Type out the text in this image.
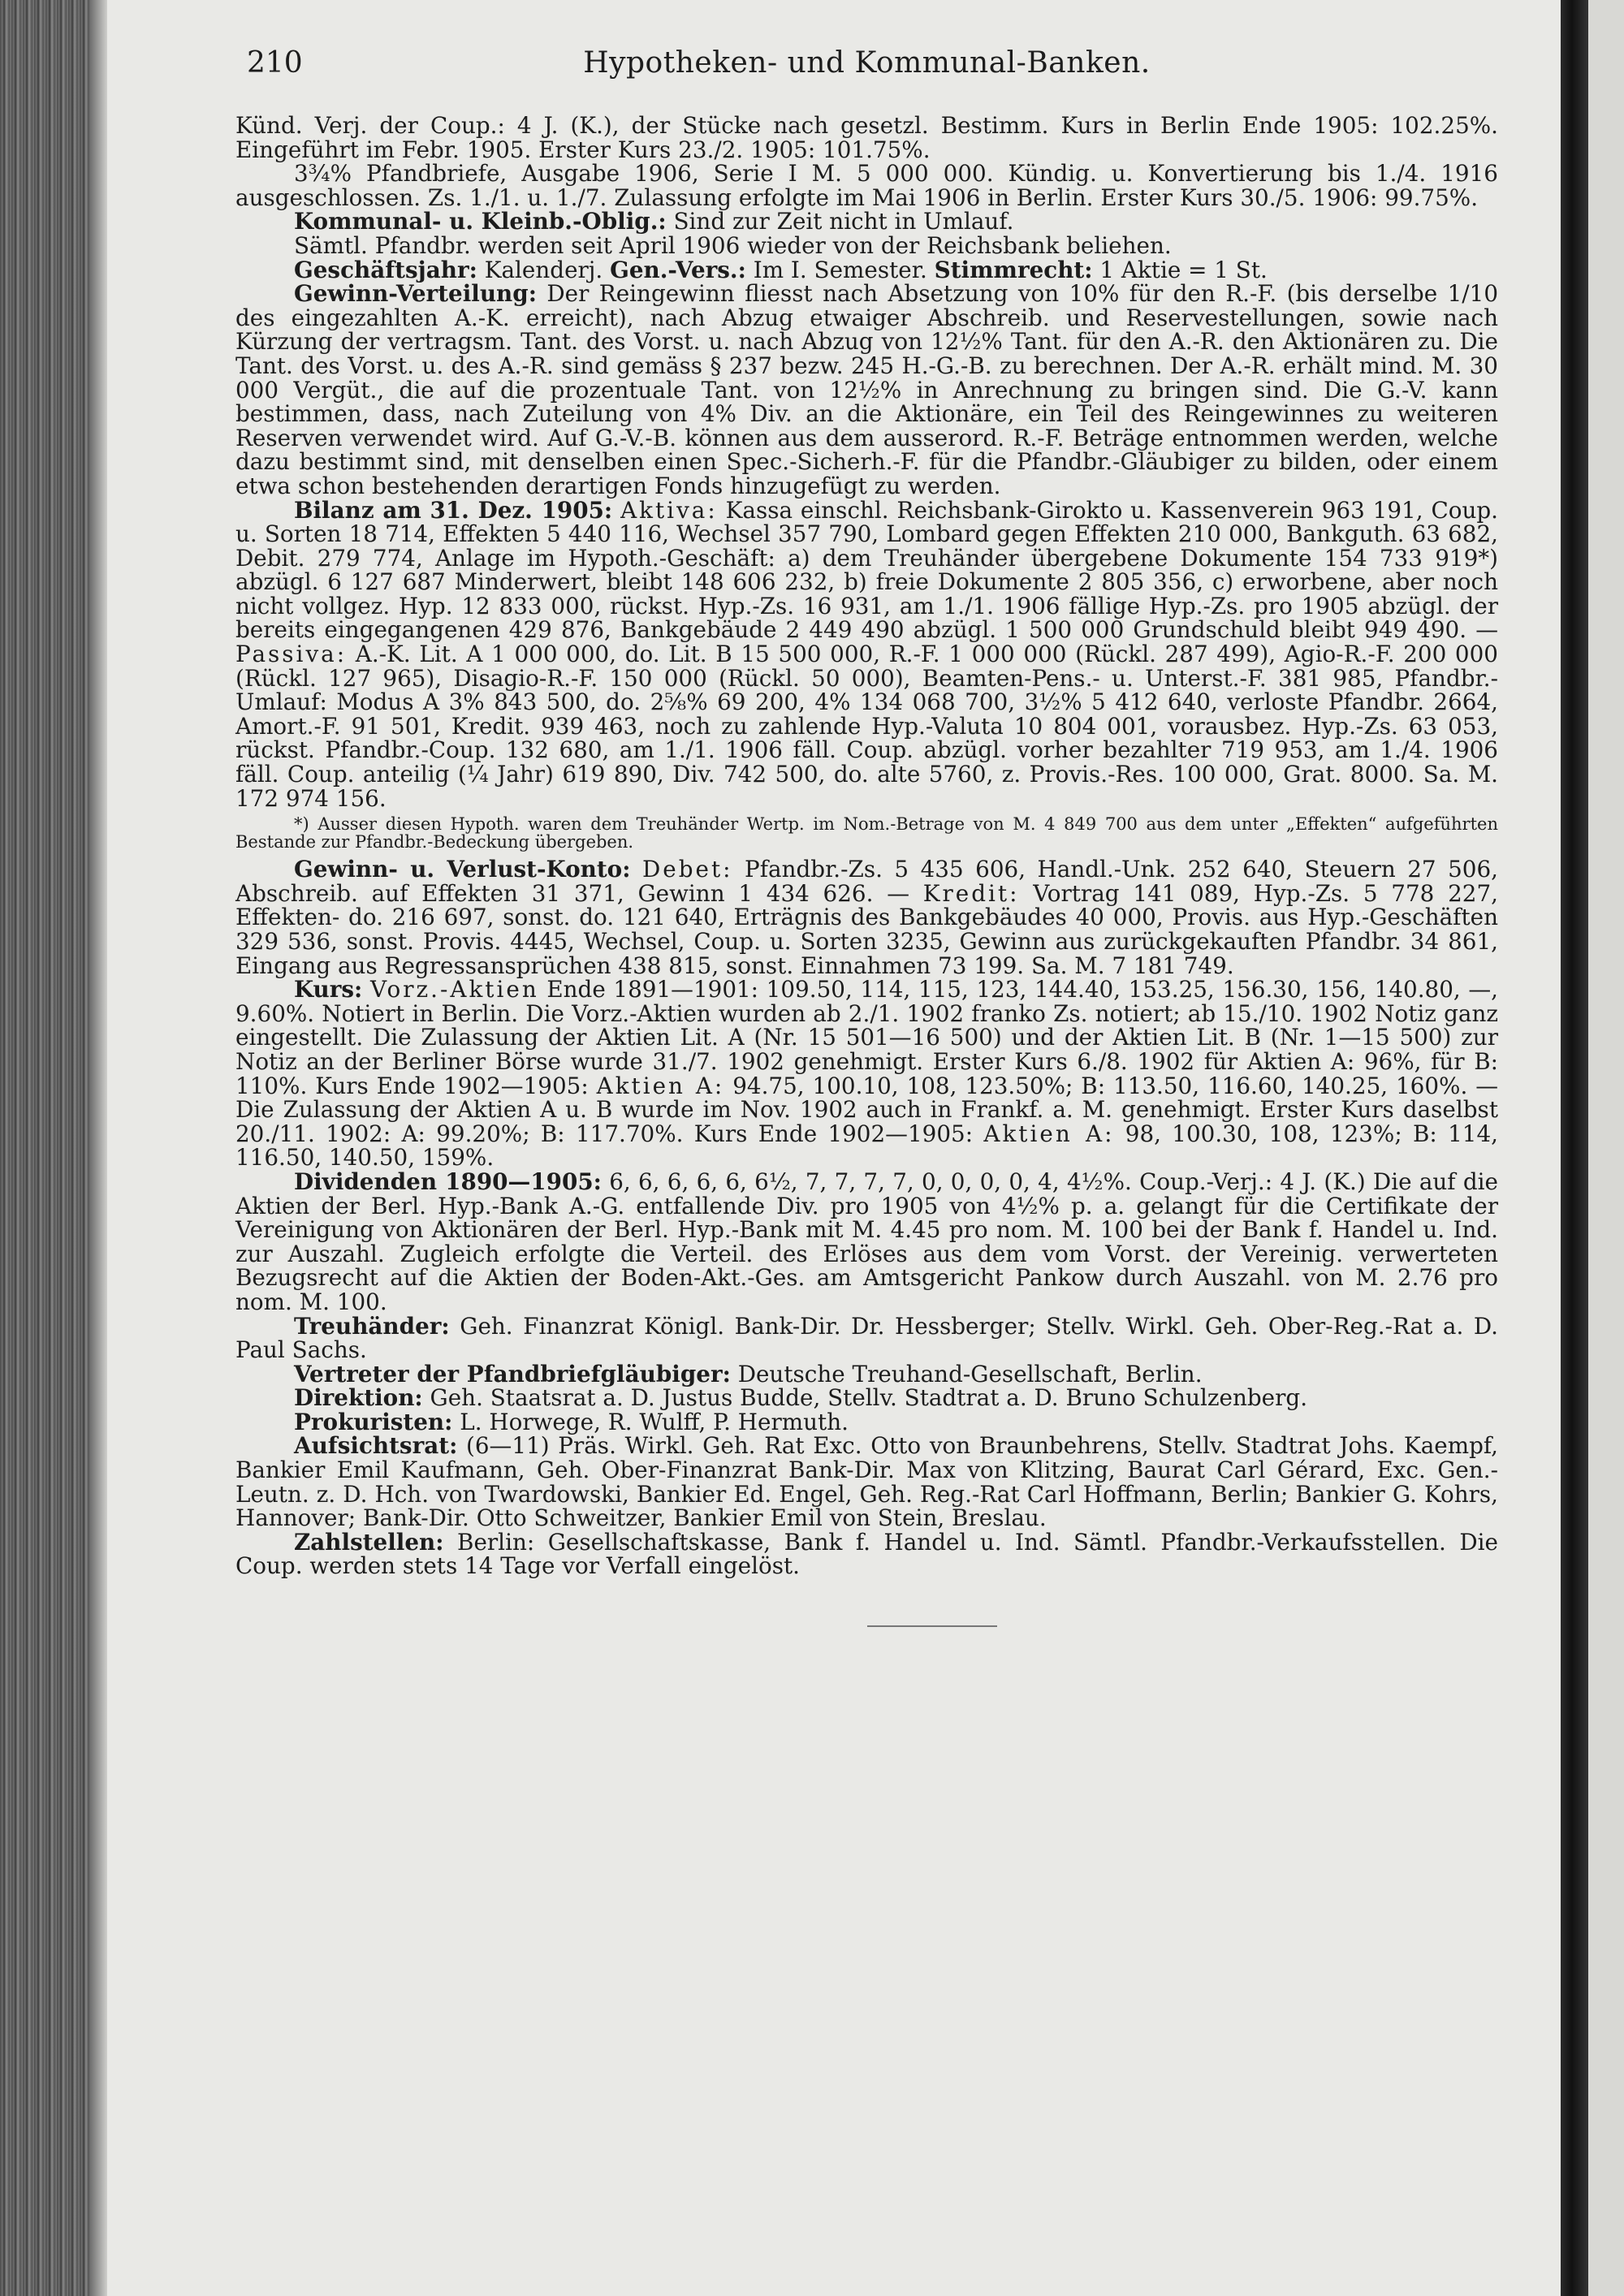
210	Hypotheken- und Kommunal-Banken.

Künd. Verj. der Coup.: 4 J. (K.), der Stücke nach gesetzl. Bestimm. Kurs in Berlin Ende 1905: 102.25%. Eingeführt im Febr. 1905. Erster Kurs 23./2. 1905: 101.75%.

3¾% Pfandbriefe, Ausgabe 1906, Serie I M. 5 000 000. Kündig. u. Konvertierung bis 1./4. 1916 ausgeschlossen. Zs. 1./1. u. 1./7. Zulassung erfolgte im Mai 1906 in Berlin. Erster Kurs 30./5. 1906: 99.75%.

Kommunal- u. Kleinb.-Oblig.: Sind zur Zeit nicht in Umlauf.

Sämtl. Pfandbr. werden seit April 1906 wieder von der Reichsbank beliehen.

Geschäftsjahr: Kalenderj. Gen.-Vers.: Im I. Semester. Stimmrecht: 1 Aktie = 1 St.

Gewinn-Verteilung: Der Reingewinn fliesst nach Absetzung von 10% für den R.-F. (bis derselbe 1/10 des eingezahlten A.-K. erreicht), nach Abzug etwaiger Abschreib. und Reservestellungen, sowie nach Kürzung der vertragsm. Tant. des Vorst. u. nach Abzug von 12½% Tant. für den A.-R. den Aktionären zu. Die Tant. des Vorst. u. des A.-R. sind gemäss § 237 bezw. 245 H.-G.-B. zu berechnen. Der A.-R. erhält mind. M. 30 000 Vergüt., die auf die prozentuale Tant. von 12½% in Anrechnung zu bringen sind. Die G.-V. kann bestimmen, dass, nach Zuteilung von 4% Div. an die Aktionäre, ein Teil des Reingewinnes zu weiteren Reserven verwendet wird. Auf G.-V.-B. können aus dem ausserord. R.-F. Beträge entnommen werden, welche dazu bestimmt sind, mit denselben einen Spec.-Sicherh.-F. für die Pfandbr.-Gläubiger zu bilden, oder einem etwa schon bestehenden derartigen Fonds hinzugefügt zu werden.

Bilanz am 31. Dez. 1905: Aktiva: Kassa einschl. Reichsbank-Girokto u. Kassenverein 963 191, Coup. u. Sorten 18 714, Effekten 5 440 116, Wechsel 357 790, Lombard gegen Effekten 210 000, Bankguth. 63 682, Debit. 279 774, Anlage im Hypoth.-Geschäft: a) dem Treuhänder übergebene Dokumente 154 733 919*) abzügl. 6 127 687 Minderwert, bleibt 148 606 232, b) freie Dokumente 2 805 356, c) erworbene, aber noch nicht vollgez. Hyp. 12 833 000, rückst. Hyp.-Zs. 16 931, am 1./1. 1906 fällige Hyp.-Zs. pro 1905 abzügl. der bereits eingegangenen 429 876, Bankgebäude 2 449 490 abzügl. 1 500 000 Grundschuld bleibt 949 490. — Passiva: A.-K. Lit. A 1 000 000, do. Lit. B 15 500 000, R.-F. 1 000 000 (Rückl. 287 499), Agio-R.-F. 200 000 (Rückl. 127 965), Disagio-R.-F. 150 000 (Rückl. 50 000), Beamten-Pens.- u. Unterst.-F. 381 985, Pfandbr.-Umlauf: Modus A 3% 843 500, do. 2⅝% 69 200, 4% 134 068 700, 3½% 5 412 640, verloste Pfandbr. 2664, Amort.-F. 91 501, Kredit. 939 463, noch zu zahlende Hyp.-Valuta 10 804 001, vorausbez. Hyp.-Zs. 63 053, rückst. Pfandbr.-Coup. 132 680, am 1./1. 1906 fäll. Coup. abzügl. vorher bezahlter 719 953, am 1./4. 1906 fäll. Coup. anteilig (¼ Jahr) 619 890, Div. 742 500, do. alte 5760, z. Provis.-Res. 100 000, Grat. 8000. Sa. M. 172 974 156.

*) Ausser diesen Hypoth. waren dem Treuhänder Wertp. im Nom.-Betrage von M. 4 849 700 aus dem unter „Effekten“ aufgeführten Bestande zur Pfandbr.-Bedeckung übergeben.

Gewinn- u. Verlust-Konto: Debet: Pfandbr.-Zs. 5 435 606, Handl.-Unk. 252 640, Steuern 27 506, Abschreib. auf Effekten 31 371, Gewinn 1 434 626. — Kredit: Vortrag 141 089, Hyp.-Zs. 5 778 227, Effekten- do. 216 697, sonst. do. 121 640, Erträgnis des Bankgebäudes 40 000, Provis. aus Hyp.-Geschäften 329 536, sonst. Provis. 4445, Wechsel, Coup. u. Sorten 3235, Gewinn aus zurückgekauften Pfandbr. 34 861, Eingang aus Regressansprüchen 438 815, sonst. Einnahmen 73 199. Sa. M. 7 181 749.

Kurs: Vorz.-Aktien Ende 1891—1901: 109.50, 114, 115, 123, 144.40, 153.25, 156.30, 156, 140.80, —, 9.60%. Notiert in Berlin. Die Vorz.-Aktien wurden ab 2./1. 1902 franko Zs. notiert; ab 15./10. 1902 Notiz ganz eingestellt. Die Zulassung der Aktien Lit. A (Nr. 15 501—16 500) und der Aktien Lit. B (Nr. 1—15 500) zur Notiz an der Berliner Börse wurde 31./7. 1902 genehmigt. Erster Kurs 6./8. 1902 für Aktien A: 96%, für B: 110%. Kurs Ende 1902—1905: Aktien A: 94.75, 100.10, 108, 123.50%; B: 113.50, 116.60, 140.25, 160%. — Die Zulassung der Aktien A u. B wurde im Nov. 1902 auch in Frankf. a. M. genehmigt. Erster Kurs daselbst 20./11. 1902: A: 99.20%; B: 117.70%. Kurs Ende 1902—1905: Aktien A: 98, 100.30, 108, 123%; B: 114, 116.50, 140.50, 159%.

Dividenden 1890—1905: 6, 6, 6, 6, 6, 6½, 7, 7, 7, 7, 0, 0, 0, 0, 4, 4½%. Coup.-Verj.: 4 J. (K.) Die auf die Aktien der Berl. Hyp.-Bank A.-G. entfallende Div. pro 1905 von 4½% p. a. gelangt für die Certifikate der Vereinigung von Aktionären der Berl. Hyp.-Bank mit M. 4.45 pro nom. M. 100 bei der Bank f. Handel u. Ind. zur Auszahl. Zugleich erfolgte die Verteil. des Erlöses aus dem vom Vorst. der Vereinig. verwerteten Bezugsrecht auf die Aktien der Boden-Akt.-Ges. am Amtsgericht Pankow durch Auszahl. von M. 2.76 pro nom. M. 100.

Treuhänder: Geh. Finanzrat Königl. Bank-Dir. Dr. Hessberger; Stellv. Wirkl. Geh. Ober-Reg.-Rat a. D. Paul Sachs.

Vertreter der Pfandbriefgläubiger: Deutsche Treuhand-Gesellschaft, Berlin.

Direktion: Geh. Staatsrat a. D. Justus Budde, Stellv. Stadtrat a. D. Bruno Schulzenberg.

Prokuristen: L. Horwege, R. Wulff, P. Hermuth.

Aufsichtsrat: (6—11) Präs. Wirkl. Geh. Rat Exc. Otto von Braunbehrens, Stellv. Stadtrat Johs. Kaempf, Bankier Emil Kaufmann, Geh. Ober-Finanzrat Bank-Dir. Max von Klitzing, Baurat Carl Gérard, Exc. Gen.-Leutn. z. D. Hch. von Twardowski, Bankier Ed. Engel, Geh. Reg.-Rat Carl Hoffmann, Berlin; Bankier G. Kohrs, Hannover; Bank-Dir. Otto Schweitzer, Bankier Emil von Stein, Breslau.

Zahlstellen: Berlin: Gesellschaftskasse, Bank f. Handel u. Ind. Sämtl. Pfandbr.-Verkaufsstellen. Die Coup. werden stets 14 Tage vor Verfall eingelöst.
